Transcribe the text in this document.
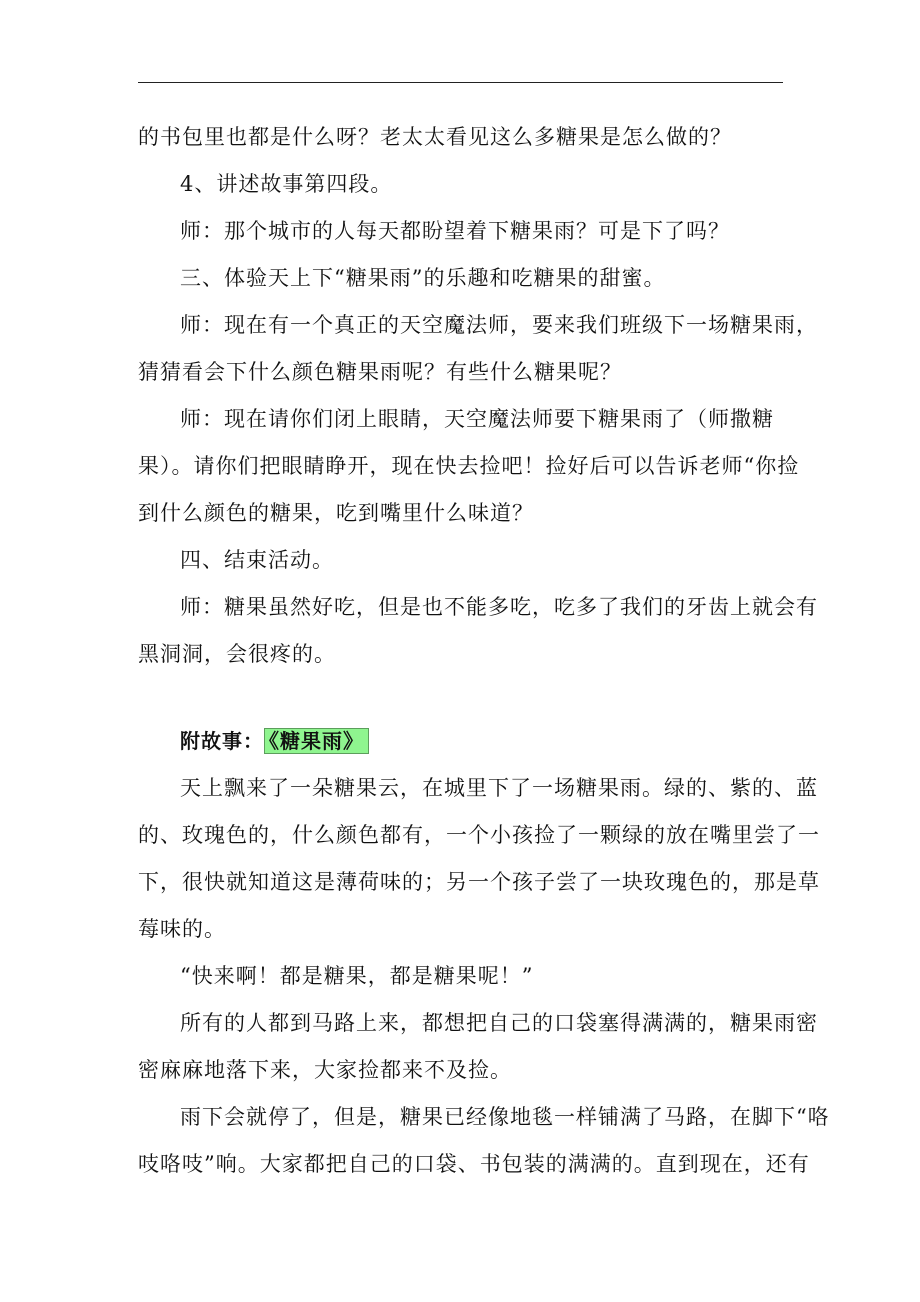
的书包里也都是什么呀？老太太看见这么多糖果是怎么做的？

4、讲述故事第四段。

师：那个城市的人每天都盼望着下糖果雨？可是下了吗？

三、体验天上下“糖果雨”的乐趣和吃糖果的甜蜜。

师：现在有一个真正的天空魔法师，要来我们班级下一场糖果雨，

猜猜看会下什么颜色糖果雨呢？有些什么糖果呢？

师：现在请你们闭上眼睛，天空魔法师要下糖果雨了（师撒糖

果）。请你们把眼睛睁开，现在快去捡吧！捡好后可以告诉老师“你捡

到什么颜色的糖果，吃到嘴里什么味道？

四、结束活动。

师：糖果虽然好吃，但是也不能多吃，吃多了我们的牙齿上就会有

黑洞洞，会很疼的。

附故事： 《糖果雨》

天上飘来了一朵糖果云，在城里下了一场糖果雨。绿的、紫的、蓝

的、玫瑰色的，什么颜色都有，一个小孩捡了一颗绿的放在嘴里尝了一

下，很快就知道这是薄荷味的；另一个孩子尝了一块玫瑰色的，那是草

莓味的。

“快来啊！都是糖果，都是糖果呢！”

所有的人都到马路上来，都想把自己的口袋塞得满满的，糖果雨密

密麻麻地落下来，大家捡都来不及捡。

雨下会就停了，但是，糖果已经像地毯一样铺满了马路，在脚下“咯

吱咯吱”响。大家都把自己的口袋、书包装的满满的。直到现在，还有
